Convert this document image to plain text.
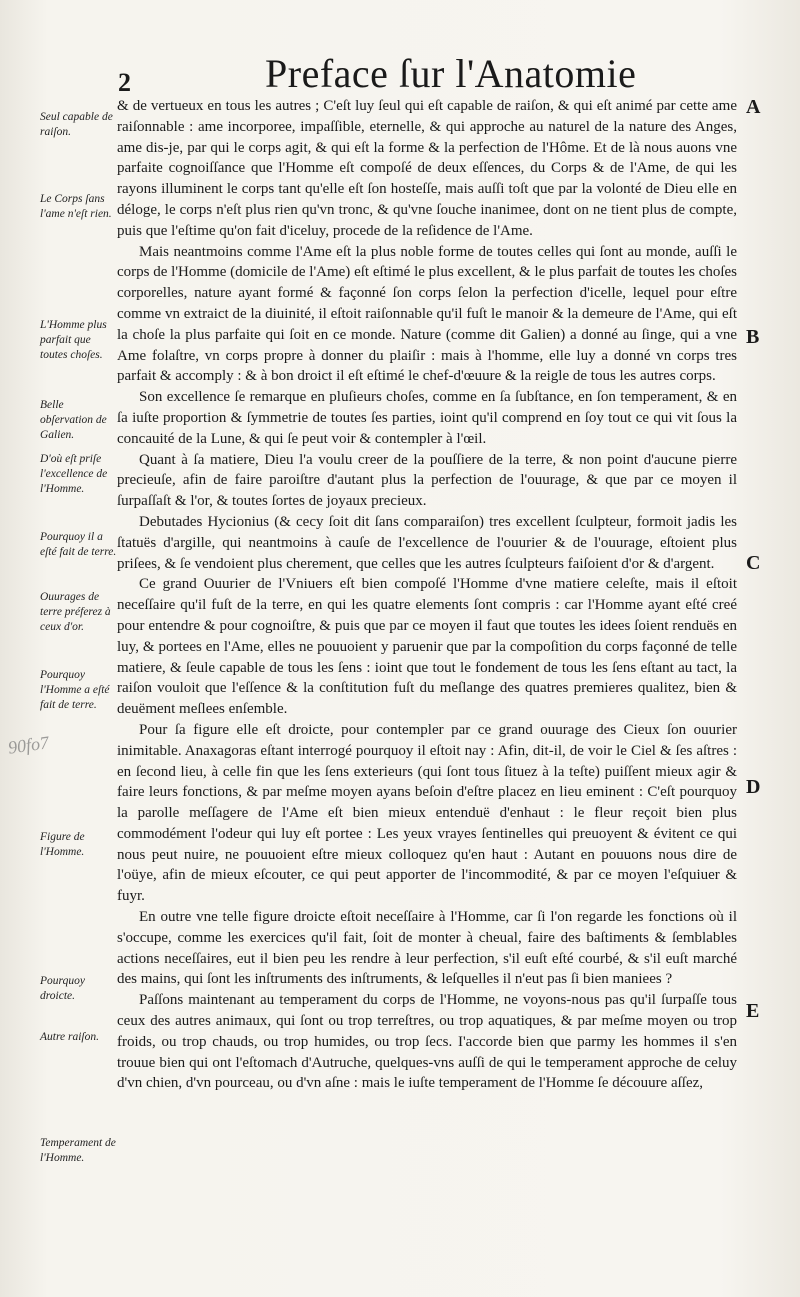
2	Preface ſur l'Anatomie
Seul capable de raiſon.
Le Corps ſans l'ame n'eſt rien.
L'Homme plus parfait que toutes choſes.
Belle obſervation de Galien.
D'où eſt priſe l'excellence de l'Homme.
Pourquoy il a eſté fait de terre.
Ouurages de terre préferez à ceux d'or.
Pourquoy l'Homme a eſté fait de terre.
Figure de l'Homme.
Pourquoy droicte.
Autre raiſon.
Temperament de l'Homme.
90fo7

& de vertueux en tous les autres ; C'eſt luy ſeul qui eſt capable de raiſon, & qui eſt animé par cette ame raiſonnable : ame incorporee, impaſſible, eternelle, & qui approche au naturel de la nature des Anges, ame dis-je, par qui le corps agit, & qui eſt la forme & la perfection de l'Hôme. Et de là nous auons vne parfaite cognoiſſance que l'Homme eſt compoſé de deux eſſences, du Corps & de l'Ame, de qui les rayons illuminent le corps tant qu'elle eſt ſon hosteſſe, mais auſſi toſt que par la volonté de Dieu elle en déloge, le corps n'eſt plus rien qu'vn tronc, & qu'vne ſouche inanimee, dont on ne tient plus de compte, puis que l'eſtime qu'on fait d'iceluy, procede de la reſidence de l'Ame.

Mais neantmoins comme l'Ame eſt la plus noble forme de toutes celles qui ſont au monde, auſſi le corps de l'Homme (domicile de l'Ame) eſt eſtimé le plus excellent, & le plus parfait de toutes les choſes corporelles, nature ayant formé & façonné ſon corps ſelon la perfection d'icelle, lequel pour eſtre comme vn extraict de la diuinité, il eſtoit raiſonnable qu'il fuſt le manoir & la demeure de l'Ame, qui eſt la choſe la plus parfaite qui ſoit en ce monde. Nature (comme dit Galien) a donné au ſinge, qui a vne Ame folaſtre, vn corps propre à donner du plaiſir : mais à l'homme, elle luy a donné vn corps tres parfait & accomply : & à bon droict il eſt eſtimé le chef-d'œuure & la reigle de tous les autres corps.

Son excellence ſe remarque en pluſieurs choſes, comme en ſa ſubſtance, en ſon temperament, & en ſa iuſte proportion & ſymmetrie de toutes ſes parties, ioint qu'il comprend en ſoy tout ce qui vit ſous la concauité de la Lune, & qui ſe peut voir & contempler à l'œil.

Quant à ſa matiere, Dieu l'a voulu creer de la pouſſiere de la terre, & non point d'aucune pierre precieuſe, afin de faire paroiſtre d'autant plus la perfection de l'ouurage, & que par ce moyen il ſurpaſſaſt & l'or, & toutes ſortes de joyaux precieux.

Debutades Hycionius (& cecy ſoit dit ſans comparaiſon) tres excellent ſculpteur, formoit jadis les ſtatuës d'argille, qui neantmoins à cauſe de l'excellence de l'ouurier & de l'ouurage, eſtoient plus priſees, & ſe vendoient plus cherement, que celles que les autres ſculpteurs faiſoient d'or & d'argent.

Ce grand Ouurier de l'Vniuers eſt bien compoſé l'Homme d'vne matiere celeſte, mais il eſtoit neceſſaire qu'il fuſt de la terre, en qui les quatre elements ſont compris : car l'Homme ayant eſté creé pour entendre & pour cognoiſtre, & puis que par ce moyen il faut que toutes les idees ſoient renduës en luy, & portees en l'Ame, elles ne pouuoient y paruenir que par la compoſition du corps façonné de telle matiere, & ſeule capable de tous les ſens : ioint que tout le fondement de tous les ſens eſtant au tact, la raiſon vouloit que l'eſſence & la conſtitution fuſt du meſlange des quatres premieres qualitez, bien & deuëment meſlees enſemble.

Pour ſa figure elle eſt droicte, pour contempler par ce grand ouurage des Cieux ſon ouurier inimitable. Anaxagoras eſtant interrogé pourquoy il eſtoit nay : Afin, dit-il, de voir le Ciel & ſes aſtres : en ſecond lieu, à celle fin que les ſens exterieurs (qui ſont tous ſituez à la teſte) puiſſent mieux agir & faire leurs fonctions, & par meſme moyen ayans beſoin d'eſtre placez en lieu eminent : C'eſt pourquoy la parolle meſſagere de l'Ame eſt bien mieux entenduë d'enhaut : le fleur reçoit bien plus commodément l'odeur qui luy eſt portee : Les yeux vrayes ſentinelles qui preuoyent & évitent ce qui nous peut nuire, ne pouuoient eſtre mieux colloquez qu'en haut : Autant en pouuons nous dire de l'oüye, afin de mieux eſcouter, ce qui peut apporter de l'incommodité, & par ce moyen l'eſquiuer & fuyr.

En outre vne telle figure droicte eſtoit neceſſaire à l'Homme, car ſi l'on regarde les fonctions où il s'occupe, comme les exercices qu'il fait, ſoit de monter à cheual, faire des baſtiments & ſemblables actions neceſſaires, eut il bien peu les rendre à leur perfection, s'il euſt eſté courbé, & s'il euſt marché des mains, qui ſont les inſtruments des inſtruments, & leſquelles il n'eut pas ſi bien maniees ?

Paſſons maintenant au temperament du corps de l'Homme, ne voyons-nous pas qu'il ſurpaſſe tous ceux des autres animaux, qui ſont ou trop terreſtres, ou trop aquatiques, & par meſme moyen ou trop froids, ou trop chauds, ou trop humides, ou trop ſecs. I'accorde bien que parmy les hommes il s'en trouue bien qui ont l'eſtomach d'Autruche, quelques-vns auſſi de qui le temperament approche de celuy d'vn chien, d'vn pourceau, ou d'vn aſne : mais le iuſte temperament de l'Homme ſe découure aſſez,

A
B
C
D
E
